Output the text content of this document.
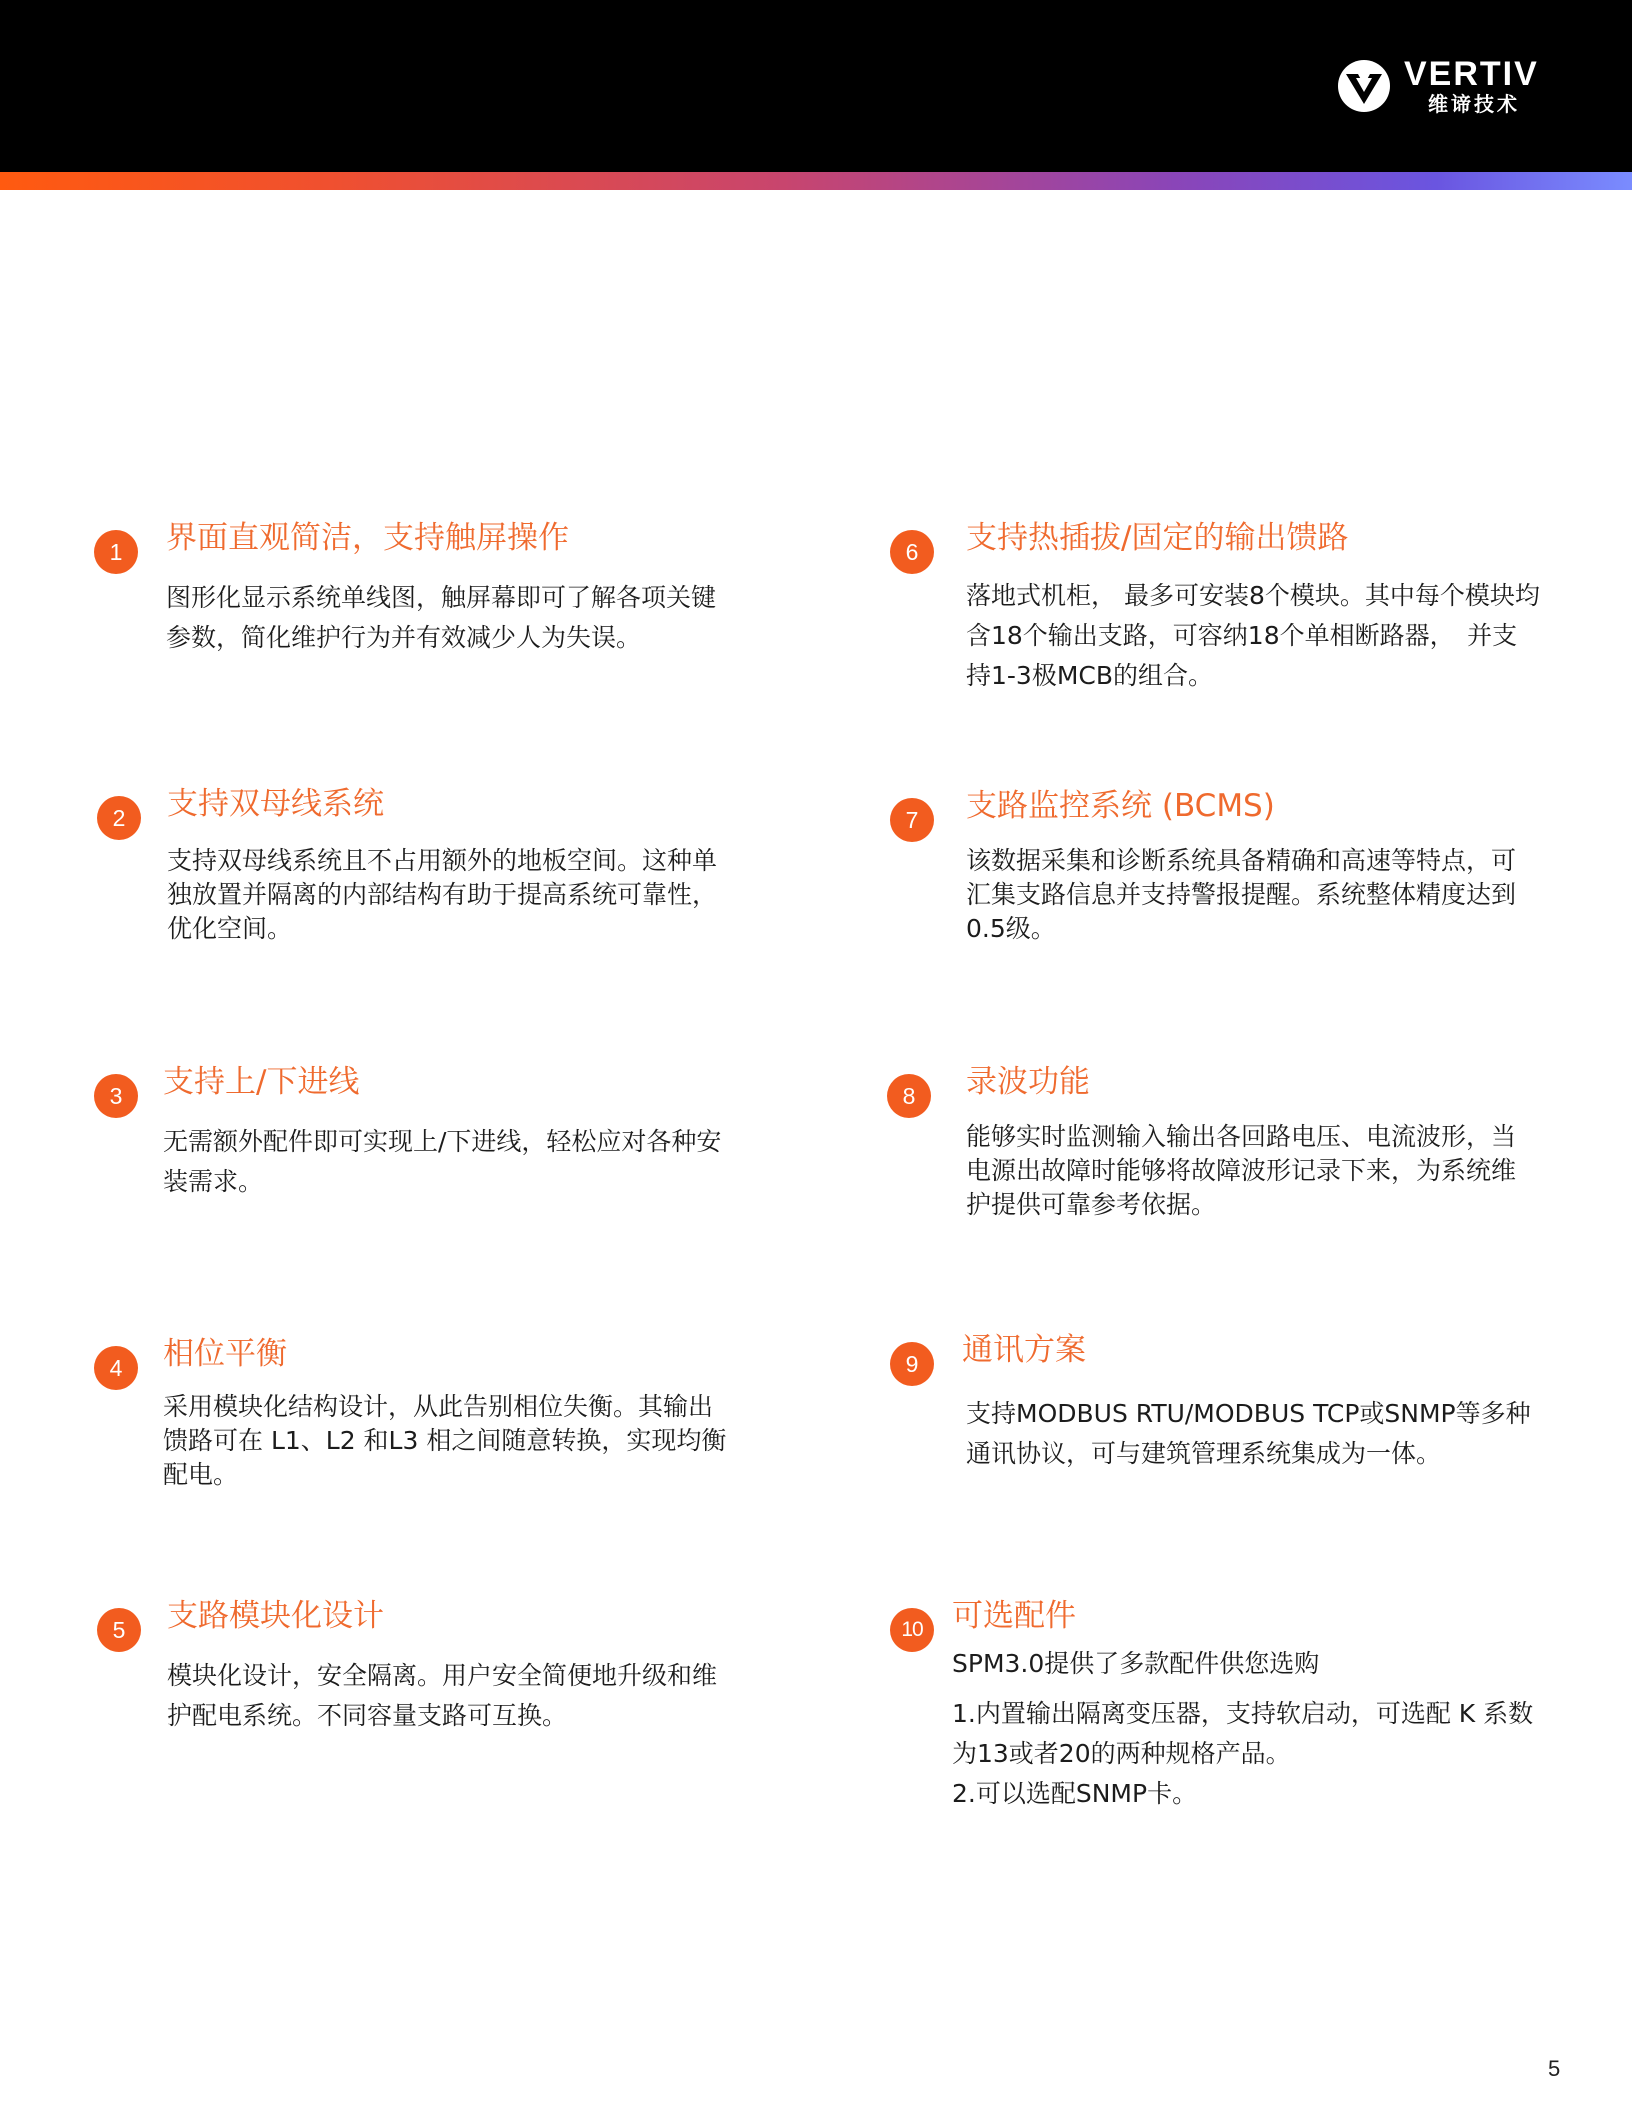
VERTIV
维谛技术
1	界面直观简洁，支持触屏操作

图形化显示系统单线图，触屏幕即可了解各项关键参数，简化维护行为并有效减少人为失误。

2	支持双母线系统

支持双母线系统且不占用额外的地板空间。这种单独放置并隔离的内部结构有助于提高系统可靠性，优化空间。

3	支持上/下进线

无需额外配件即可实现上/下进线，轻松应对各种安装需求。

4	相位平衡

采用模块化结构设计，从此告别相位失衡。其输出馈路可在 L1、L2 和L3 相之间随意转换，实现均衡配电。

5	支路模块化设计

模块化设计，安全隔离。用户安全简便地升级和维护配电系统。不同容量支路可互换。

6	支持热插拔/固定的输出馈路

落地式机柜， 最多可安装8个模块。其中每个模块均含18个输出支路，可容纳18个单相断路器，　并支持1-3极MCB的组合。

7	支路监控系统 (BCMS)

该数据采集和诊断系统具备精确和高速等特点，可汇集支路信息并支持警报提醒。系统整体精度达到0.5级。

8	录波功能

能够实时监测输入输出各回路电压、电流波形，当电源出故障时能够将故障波形记录下来，为系统维护提供可靠参考依据。

9	通讯方案

支持MODBUS RTU/MODBUS TCP或SNMP等多种通讯协议，可与建筑管理系统集成为一体。

10 可选配件

SPM3.0提供了多款配件供您选购

1.内置输出隔离变压器，支持软启动，可选配 K 系数为13或者20的两种规格产品。

2.可以选配SNMP卡。

5
